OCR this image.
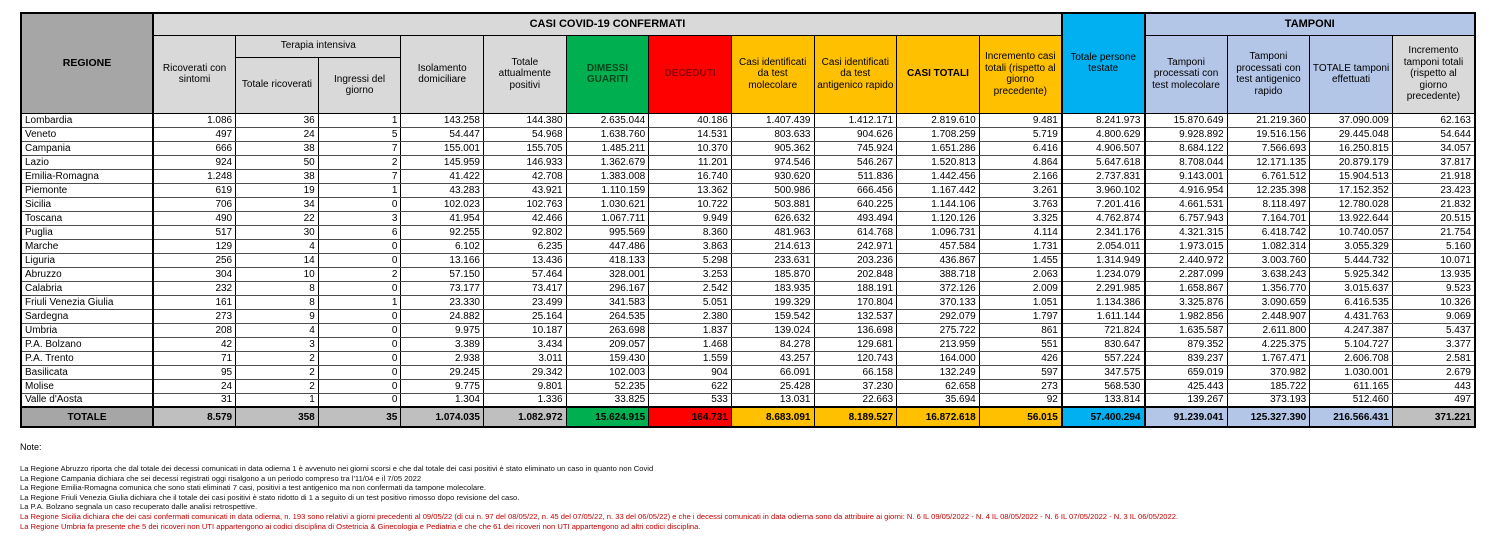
REGIONE	CASI COVID-19 CONFERMATI											Totale persone testate	TAMPONI			
	Ricoverati con sintomi	Terapia intensiva		Isolamento domiciliare	Totale attualmente positivi	DIMESSI GUARITI	DECEDUTI	Casi identificati da test molecolare	Casi identificati da test antigenico rapido	CASI TOTALI	Incremento casi totali (rispetto al giorno precedente)		Tamponi processati con test molecolare	Tamponi processati con test antigenico rapido	TOTALE tamponi effettuati	Incremento tamponi totali (rispetto al giorno precedente)
		Totale ricoverati	Ingressi del giorno													
Lombardia	1.086	36	1	143.258	144.380	2.635.044	40.186	1.407.439	1.412.171	2.819.610	9.481	8.241.973	15.870.649	21.219.360	37.090.009	62.163
Veneto	497	24	5	54.447	54.968	1.638.760	14.531	803.633	904.626	1.708.259	5.719	4.800.629	9.928.892	19.516.156	29.445.048	54.644
Campania	666	38	7	155.001	155.705	1.485.211	10.370	905.362	745.924	1.651.286	6.416	4.906.507	8.684.122	7.566.693	16.250.815	34.057
Lazio	924	50	2	145.959	146.933	1.362.679	11.201	974.546	546.267	1.520.813	4.864	5.647.618	8.708.044	12.171.135	20.879.179	37.817
Emilia-Romagna	1.248	38	7	41.422	42.708	1.383.008	16.740	930.620	511.836	1.442.456	2.166	2.737.831	9.143.001	6.761.512	15.904.513	21.918
Piemonte	619	19	1	43.283	43.921	1.110.159	13.362	500.986	666.456	1.167.442	3.261	3.960.102	4.916.954	12.235.398	17.152.352	23.423
Sicilia	706	34	0	102.023	102.763	1.030.621	10.722	503.881	640.225	1.144.106	3.763	7.201.416	4.661.531	8.118.497	12.780.028	21.832
Toscana	490	22	3	41.954	42.466	1.067.711	9.949	626.632	493.494	1.120.126	3.325	4.762.874	6.757.943	7.164.701	13.922.644	20.515
Puglia	517	30	6	92.255	92.802	995.569	8.360	481.963	614.768	1.096.731	4.114	2.341.176	4.321.315	6.418.742	10.740.057	21.754
Marche	129	4	0	6.102	6.235	447.486	3.863	214.613	242.971	457.584	1.731	2.054.011	1.973.015	1.082.314	3.055.329	5.160
Liguria	256	14	0	13.166	13.436	418.133	5.298	233.631	203.236	436.867	1.455	1.314.949	2.440.972	3.003.760	5.444.732	10.071
Abruzzo	304	10	2	57.150	57.464	328.001	3.253	185.870	202.848	388.718	2.063	1.234.079	2.287.099	3.638.243	5.925.342	13.935
Calabria	232	8	0	73.177	73.417	296.167	2.542	183.935	188.191	372.126	2.009	2.291.985	1.658.867	1.356.770	3.015.637	9.523
Friuli Venezia Giulia	161	8	1	23.330	23.499	341.583	5.051	199.329	170.804	370.133	1.051	1.134.386	3.325.876	3.090.659	6.416.535	10.326
Sardegna	273	9	0	24.882	25.164	264.535	2.380	159.542	132.537	292.079	1.797	1.611.144	1.982.856	2.448.907	4.431.763	9.069
Umbria	208	4	0	9.975	10.187	263.698	1.837	139.024	136.698	275.722	861	721.824	1.635.587	2.611.800	4.247.387	5.437
P.A. Bolzano	42	3	0	3.389	3.434	209.057	1.468	84.278	129.681	213.959	551	830.647	879.352	4.225.375	5.104.727	3.377
P.A. Trento	71	2	0	2.938	3.011	159.430	1.559	43.257	120.743	164.000	426	557.224	839.237	1.767.471	2.606.708	2.581
Basilicata	95	2	0	29.245	29.342	102.003	904	66.091	66.158	132.249	597	347.575	659.019	370.982	1.030.001	2.679
Molise	24	2	0	9.775	9.801	52.235	622	25.428	37.230	62.658	273	568.530	425.443	185.722	611.165	443
Valle d'Aosta	31	1	0	1.304	1.336	33.825	533	13.031	22.663	35.694	92	133.814	139.267	373.193	512.460	497
TOTALE	8.579	358	35	1.074.035	1.082.972	15.624.915	164.731	8.683.091	8.189.527	16.872.618	56.015	57.400.294	91.239.041	125.327.390	216.566.431	371.221
Note:
La Regione Abruzzo riporta che dal totale dei decessi comunicati in data odierna 1 è avvenuto nei giorni scorsi e che dal totale dei casi positivi è stato eliminato un caso in quanto non Covid
La Regione Campania dichiara che sei decessi registrati oggi risalgono a un periodo compreso tra l'11/04 e il 7/05 2022
La Regione Emilia-Romagna comunica che sono stati eliminati 7 casi, positivi a test antigenico ma non confermati da tampone molecolare.
La Regione Friuli Venezia Giulia dichiara che il totale dei casi positivi è stato ridotto di 1 a seguito di un test positivo rimosso dopo revisione del caso.
La P.A. Bolzano segnala un caso recuperato dalle analisi retrospettive.
La Regione Sicilia dichiara che dei casi confermati comunicati in data odierna, n. 193 sono relativi a giorni precedenti al 09/05/22 (di cui n. 97 del 08/05/22, n. 45 del 07/05/22, n. 33 del 06/05/22) e che i decessi comunicati in data odierna sono da attribuire ai giorni: N. 6 IL 09/05/2022 - N. 4 IL 08/05/2022 - N. 6 IL 07/05/2022 - N. 3 IL 06/05/2022.
La Regione Umbria fa presente che 5 dei ricoveri non UTI appartengono ai codici disciplina di Ostetricia & Ginecologia e Pediatria e che che 61 dei ricoveri non UTI appartengono ad altri codici disciplina.
